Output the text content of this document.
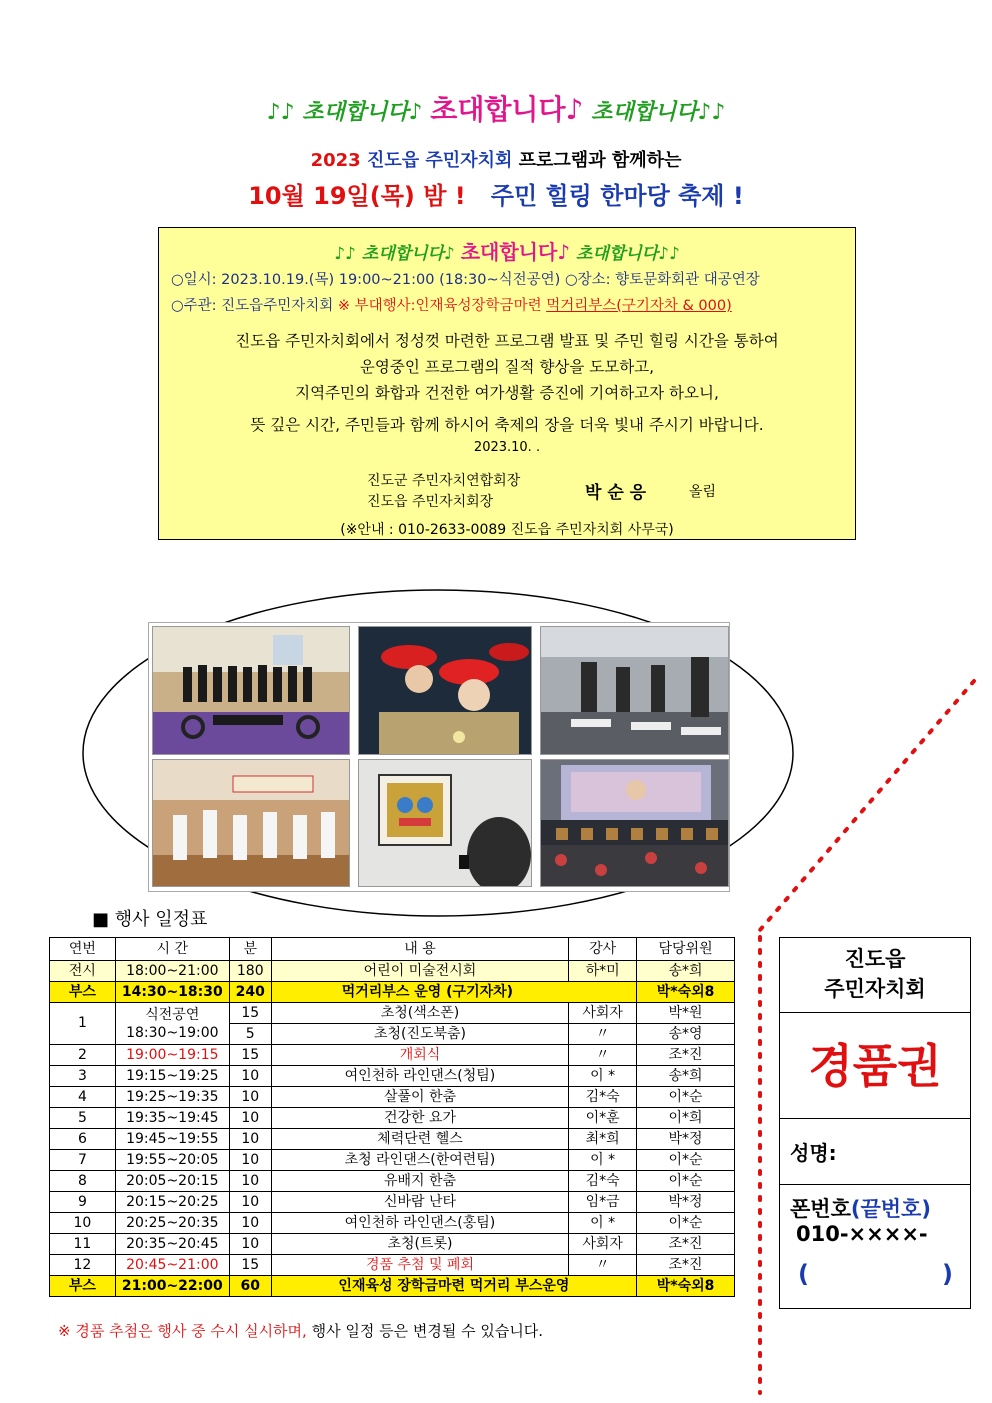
♪♪ 초대합니다♪ 초대합니다♪ 초대합니다♪♪
2023 진도읍 주민자치회 프로그램과 함께하는
10월 19일(목) 밤 ! 주민 힐링 한마당 축제 !
♪♪ 초대합니다♪ 초대합니다♪ 초대합니다♪♪
○일시: 2023.10.19.(목) 19:00~21:00 (18:30~식전공연) ○장소: 향토문화회관 대공연장
○주관: 진도읍주민자치회 ※ 부대행사:인재육성장학금마련 먹거리부스(구기자차 & 000)
진도읍 주민자치회에서 정성껏 마련한 프로그램 발표 및 주민 힐링 시간을 통하여
운영중인 프로그램의 질적 향상을 도모하고,
지역주민의 화합과 건전한 여가생활 증진에 기여하고자 하오니,
뜻 깊은 시간, 주민들과 함께 하시어 축제의 장을 더욱 빛내 주시기 바랍니다.
2023.10. .
진도군 주민자치연합회장
진도읍 주민자치회장	박 순 응	올림
(※안내 : 010-2633-0089 진도읍 주민자치회 사무국)
■ 행사 일정표
연번	시 간	분	내 용	강사	담당위원
전시	18:00~21:00	180	어린이 미술전시회	하*미	송*희
부스	14:30~18:30	240	먹거리부스 운영 (구기자차)		박*숙외8
1	식전공연 18:30~19:00	15	초청(색소폰)	사회자	박*원
		5	초청(진도북춤)	〃	송*영
2	19:00~19:15	15	개회식	〃	조*진
3	19:15~19:25	10	여인천하 라인댄스(청팀)	이 *	송*희
4	19:25~19:35	10	살풀이 한춤	김*숙	이*순
5	19:35~19:45	10	건강한 요가	이*훈	이*희
6	19:45~19:55	10	체력단련 헬스	최*희	박*정
7	19:55~20:05	10	초청 라인댄스(한여련팀)	이 *	이*순
8	20:05~20:15	10	유배지 한춤	김*숙	이*순
9	20:15~20:25	10	신바람 난타	임*금	박*정
10	20:25~20:35	10	여인천하 라인댄스(홍팀)	이 *	이*순
11	20:35~20:45	10	초청(트롯)	사회자	조*진
12	20:45~21:00	15	경품 추첨 및 폐회	〃	조*진
부스	21:00~22:00	60	인재육성 장학금마련 먹거리 부스운영		박*숙외8
※ 경품 추첨은 행사 중 수시 실시하며, 행사 일정 등은 변경될 수 있습니다.
진도읍
주민자치회
경품권
성명:
폰번호(끝번호)
010-××××-
(	)
